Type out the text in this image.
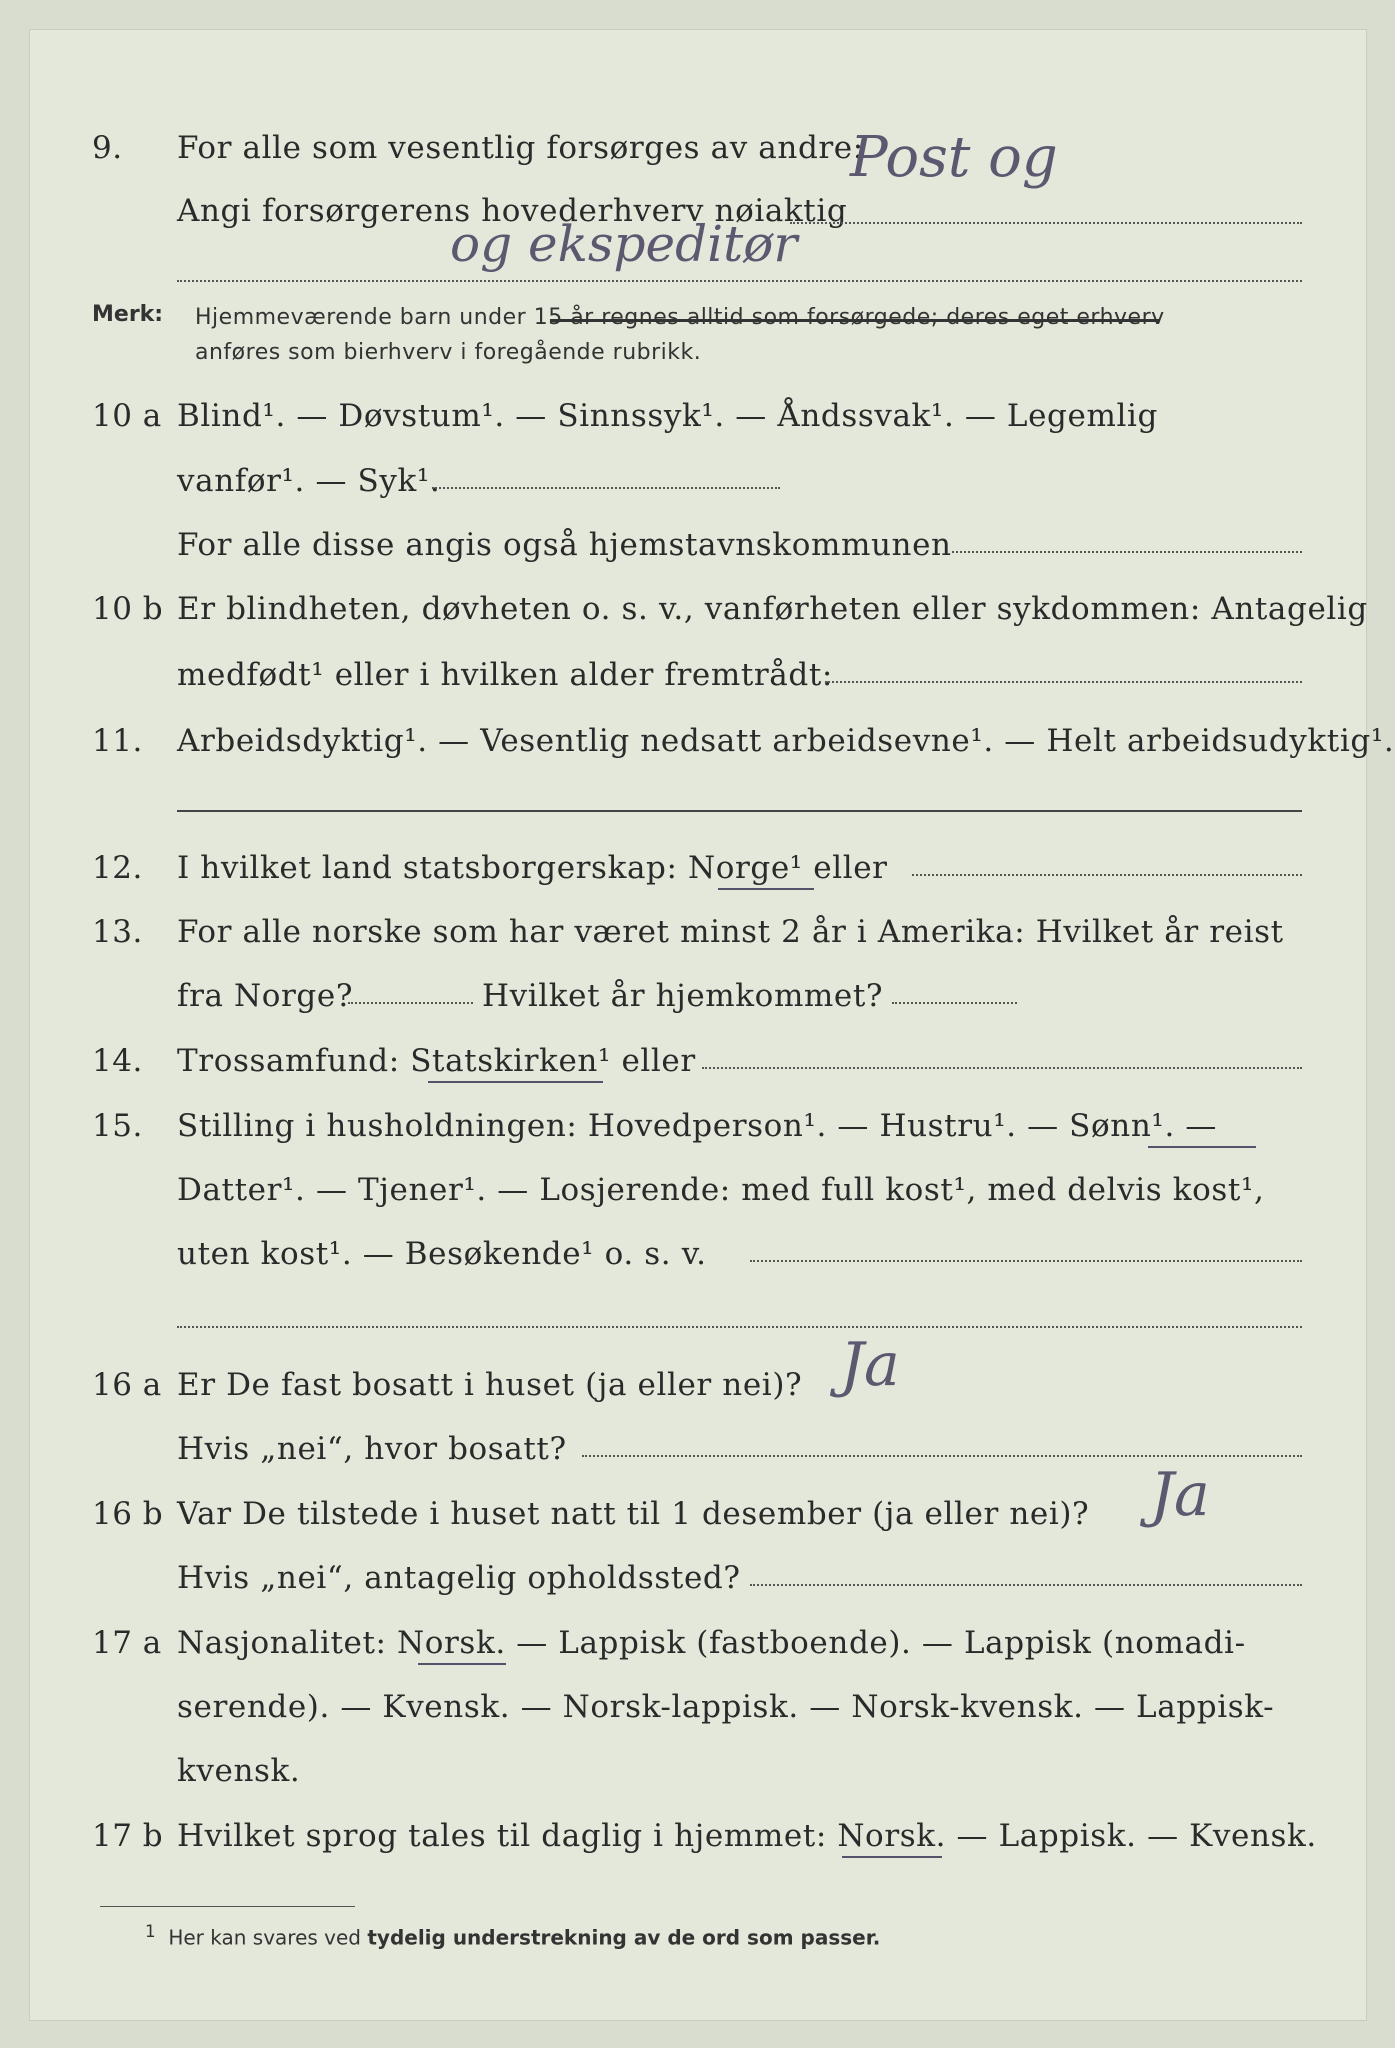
9. For alle som vesentlig forsørges av andre:
Angi forsørgerens hovederhverv nøiaktig
Post og
og ekspeditør
Merk: Hjemmeværende barn under 15 år regnes alltid som forsørgede; deres eget erhverv
anføres som bierhverv i foregående rubrikk.
10 a Blind¹. — Døvstum¹. — Sinnssyk¹. — Åndssvak¹. — Legemlig
vanfør¹. — Syk¹.
For alle disse angis også hjemstavnskommunen
10 b Er blindheten, døvheten o. s. v., vanførheten eller sykdommen: Antagelig
medfødt¹ eller i hvilken alder fremtrådt:
11. Arbeidsdyktig¹. — Vesentlig nedsatt arbeidsevne¹. — Helt arbeidsudyktig¹.
12. I hvilket land statsborgerskap: Norge¹ eller
13. For alle norske som har været minst 2 år i Amerika: Hvilket år reist
fra Norge?	Hvilket år hjemkommet?
14. Trossamfund: Statskirken¹ eller
15. Stilling i husholdningen: Hovedperson¹. — Hustru¹. — Sønn¹. —
Datter¹. — Tjener¹. — Losjerende: med full kost¹, med delvis kost¹,
uten kost¹. — Besøkende¹ o. s. v.
16 a Er De fast bosatt i huset (ja eller nei)? Ja
Hvis „nei“, hvor bosatt?
16 b Var De tilstede i huset natt til 1 desember (ja eller nei)? Ja
Hvis „nei“, antagelig opholdssted?
17 a Nasjonalitet: Norsk. — Lappisk (fastboende). — Lappisk (nomadi-
serende). — Kvensk. — Norsk-lappisk. — Norsk-kvensk. — Lappisk-
kvensk.
17 b Hvilket sprog tales til daglig i hjemmet: Norsk. — Lappisk. — Kvensk.
$^1$ Her kan svares ved tydelig understrekning av de ord som passer.
